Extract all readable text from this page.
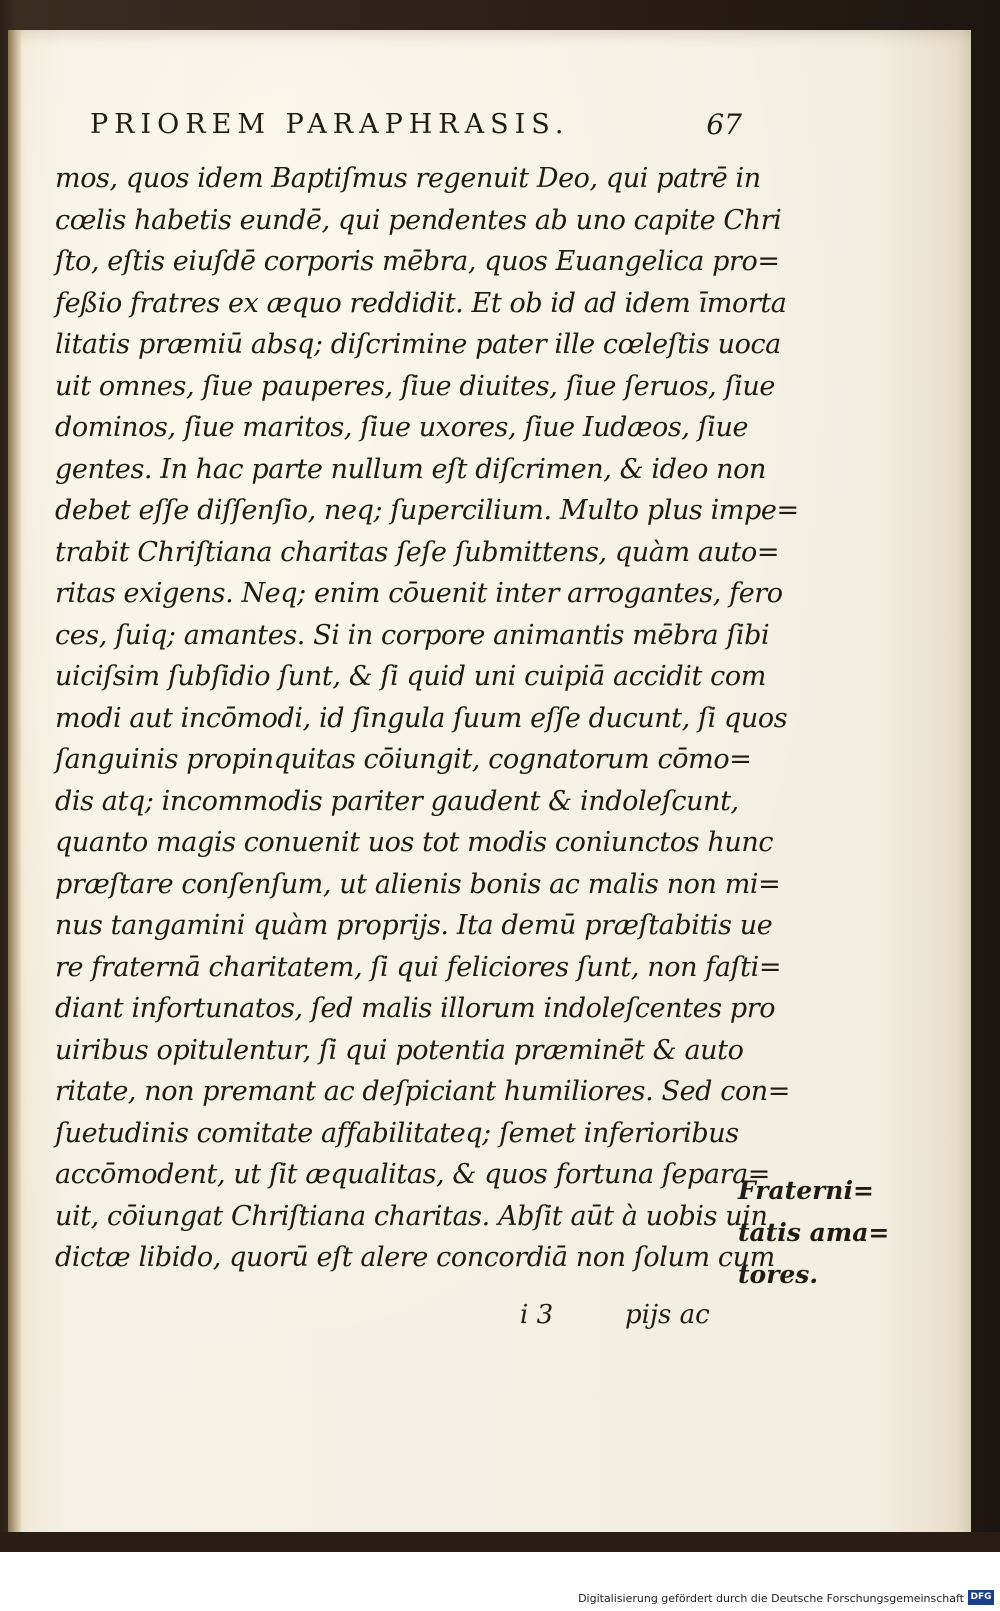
PRIOREM PARAPHRASIS.	67
mos, quos idem Baptiſmus regenuit Deo, qui patrē in
cœlis habetis eundē, qui pendentes ab uno capite Chri
ſto, eſtis eiuſdē corporis mēbra, quos Euangelica pro=
feßio fratres ex æquo reddidit. Et ob id ad idem īmorta
litatis præmiū absq; diſcrimine pater ille cœleſtis uoca
uit omnes, ſiue pauperes, ſiue diuites, ſiue ſeruos, ſiue
dominos, ſiue maritos, ſiue uxores, ſiue Iudæos, ſiue
gentes. In hac parte nullum eſt diſcrimen, & ideo non
debet eſſe diſſenſio, neq; ſupercilium. Multo plus impe=
trabit Chriſtiana charitas ſeſe ſubmittens, quàm auto=
ritas exigens. Neq; enim cōuenit inter arrogantes, fero
ces, ſuiq; amantes. Si in corpore animantis mēbra ſibi
uiciſsim ſubſidio ſunt, & ſi quid uni cuipiā accidit com
modi aut incōmodi, id ſingula ſuum eſſe ducunt, ſi quos
ſanguinis propinquitas cōiungit, cognatorum cōmo=
dis atq; incommodis pariter gaudent & indoleſcunt,
quanto magis conuenit uos tot modis coniunctos hunc
præſtare conſenſum, ut alienis bonis ac malis non mi=
nus tangamini quàm proprijs. Ita demū præſtabitis ue
re fraternā charitatem, ſi qui feliciores ſunt, non faſti=
diant infortunatos, ſed malis illorum indoleſcentes pro
uiribus opitulentur, ſi qui potentia præminēt & auto
ritate, non premant ac deſpiciant humiliores. Sed con=
ſuetudinis comitate affabilitateq; ſemet inferioribus
accōmodent, ut ſit æqualitas, & quos fortuna ſepara=
uit, cōiungat Chriſtiana charitas. Abſit aūt à uobis uin
dictæ libido, quorū eſt alere concordiā non ſolum cum
Fraterni=
tatis ama=
tores.
i 3	pijs ac
Digitalisierung gefördert durch die Deutsche Forschungsgemeinschaft DFG
